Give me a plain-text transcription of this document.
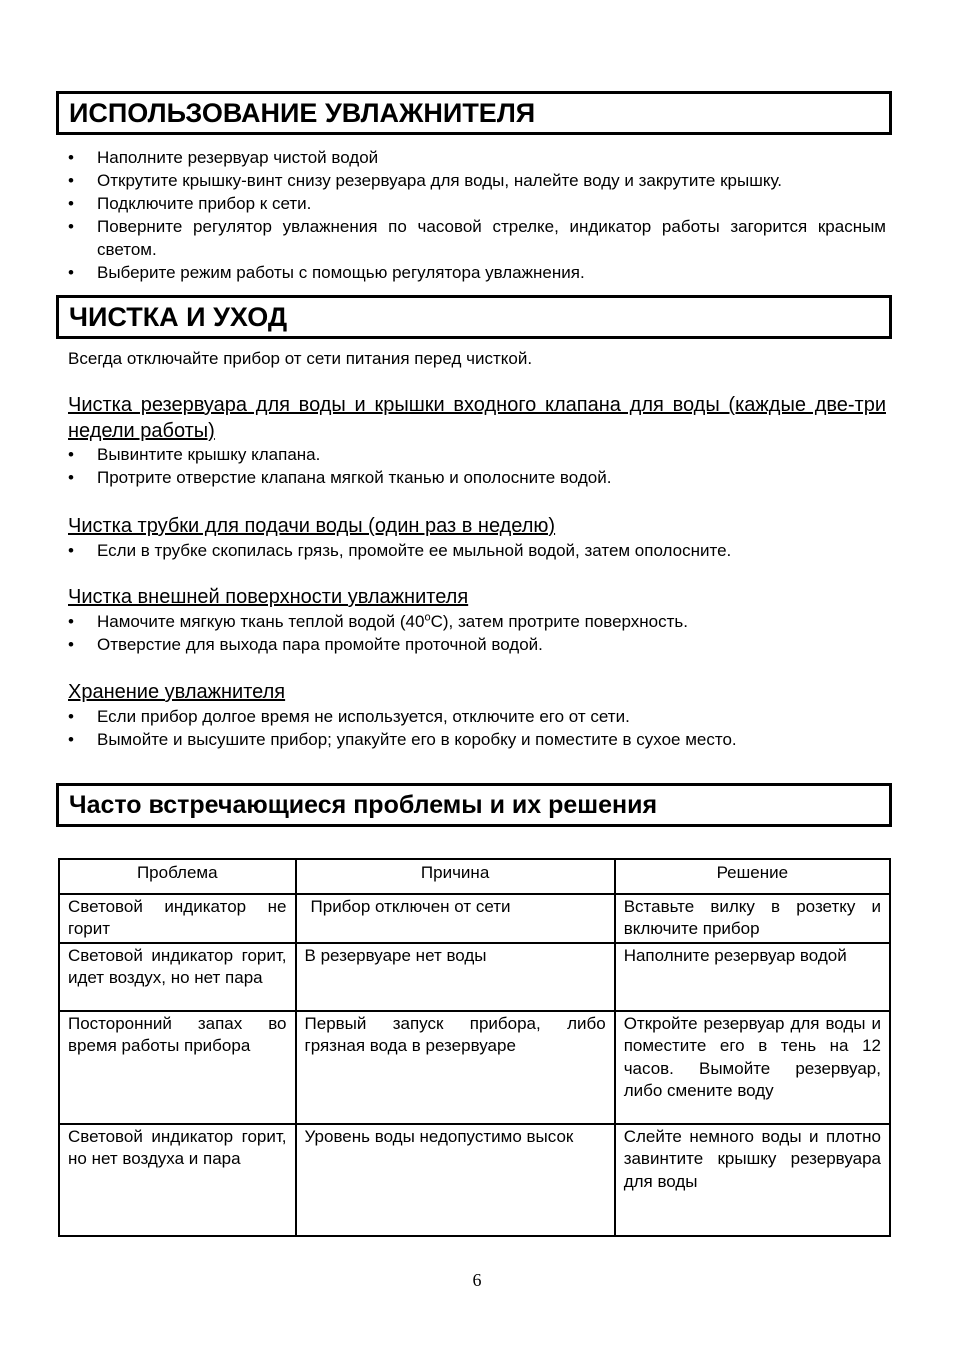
ИСПОЛЬЗОВАНИЕ УВЛАЖНИТЕЛЯ
• Наполните резервуар чистой водой
• Открутите крышку-винт снизу резервуара для воды, налейте воду и закрутите крышку.
• Подключите прибор к сети.
• Поверните регулятор увлажнения по часовой стрелке, индикатор работы загорится красным светом.
• Выберите режим работы с помощью регулятора увлажнения.
ЧИСТКА И УХОД
Всегда отключайте прибор от сети питания перед чисткой.
Чистка резервуара для воды и крышки входного клапана для воды (каждые две-три недели работы)
• Вывинтите крышку клапана.
• Протрите отверстие клапана мягкой тканью и ополосните водой.
Чистка трубки для подачи воды (один раз в неделю)
• Если в трубке скопилась грязь, промойте ее мыльной водой, затем ополосните.
Чистка внешней поверхности увлажнителя
• Намочите мягкую ткань теплой водой (40$^o$C), затем протрите поверхность.
• Отверстие для выхода пара промойте проточной водой.
Хранение увлажнителя
• Если прибор долгое время не используется, отключите его от сети.
• Вымойте и высушите прибор; упакуйте его в коробку и поместите в сухое место.
Часто встречающиеся проблемы и их решения
Проблема	Причина	Решение
Световой индикатор не горит	Прибор отключен от сети	Вставьте вилку в розетку и включите прибор
Световой индикатор горит, идет воздух, но нет пара	В резервуаре нет воды	Наполните резервуар водой
Посторонний запах во время работы прибора	Первый запуск прибора, либо грязная вода в резервуаре	Откройте резервуар для воды и поместите его в тень на 12 часов. Вымойте резервуар, либо смените воду
Световой индикатор горит, но нет воздуха и пара	Уровень воды недопустимо высок	Слейте немного воды и плотно завинтите крышку резервуара для воды
6
